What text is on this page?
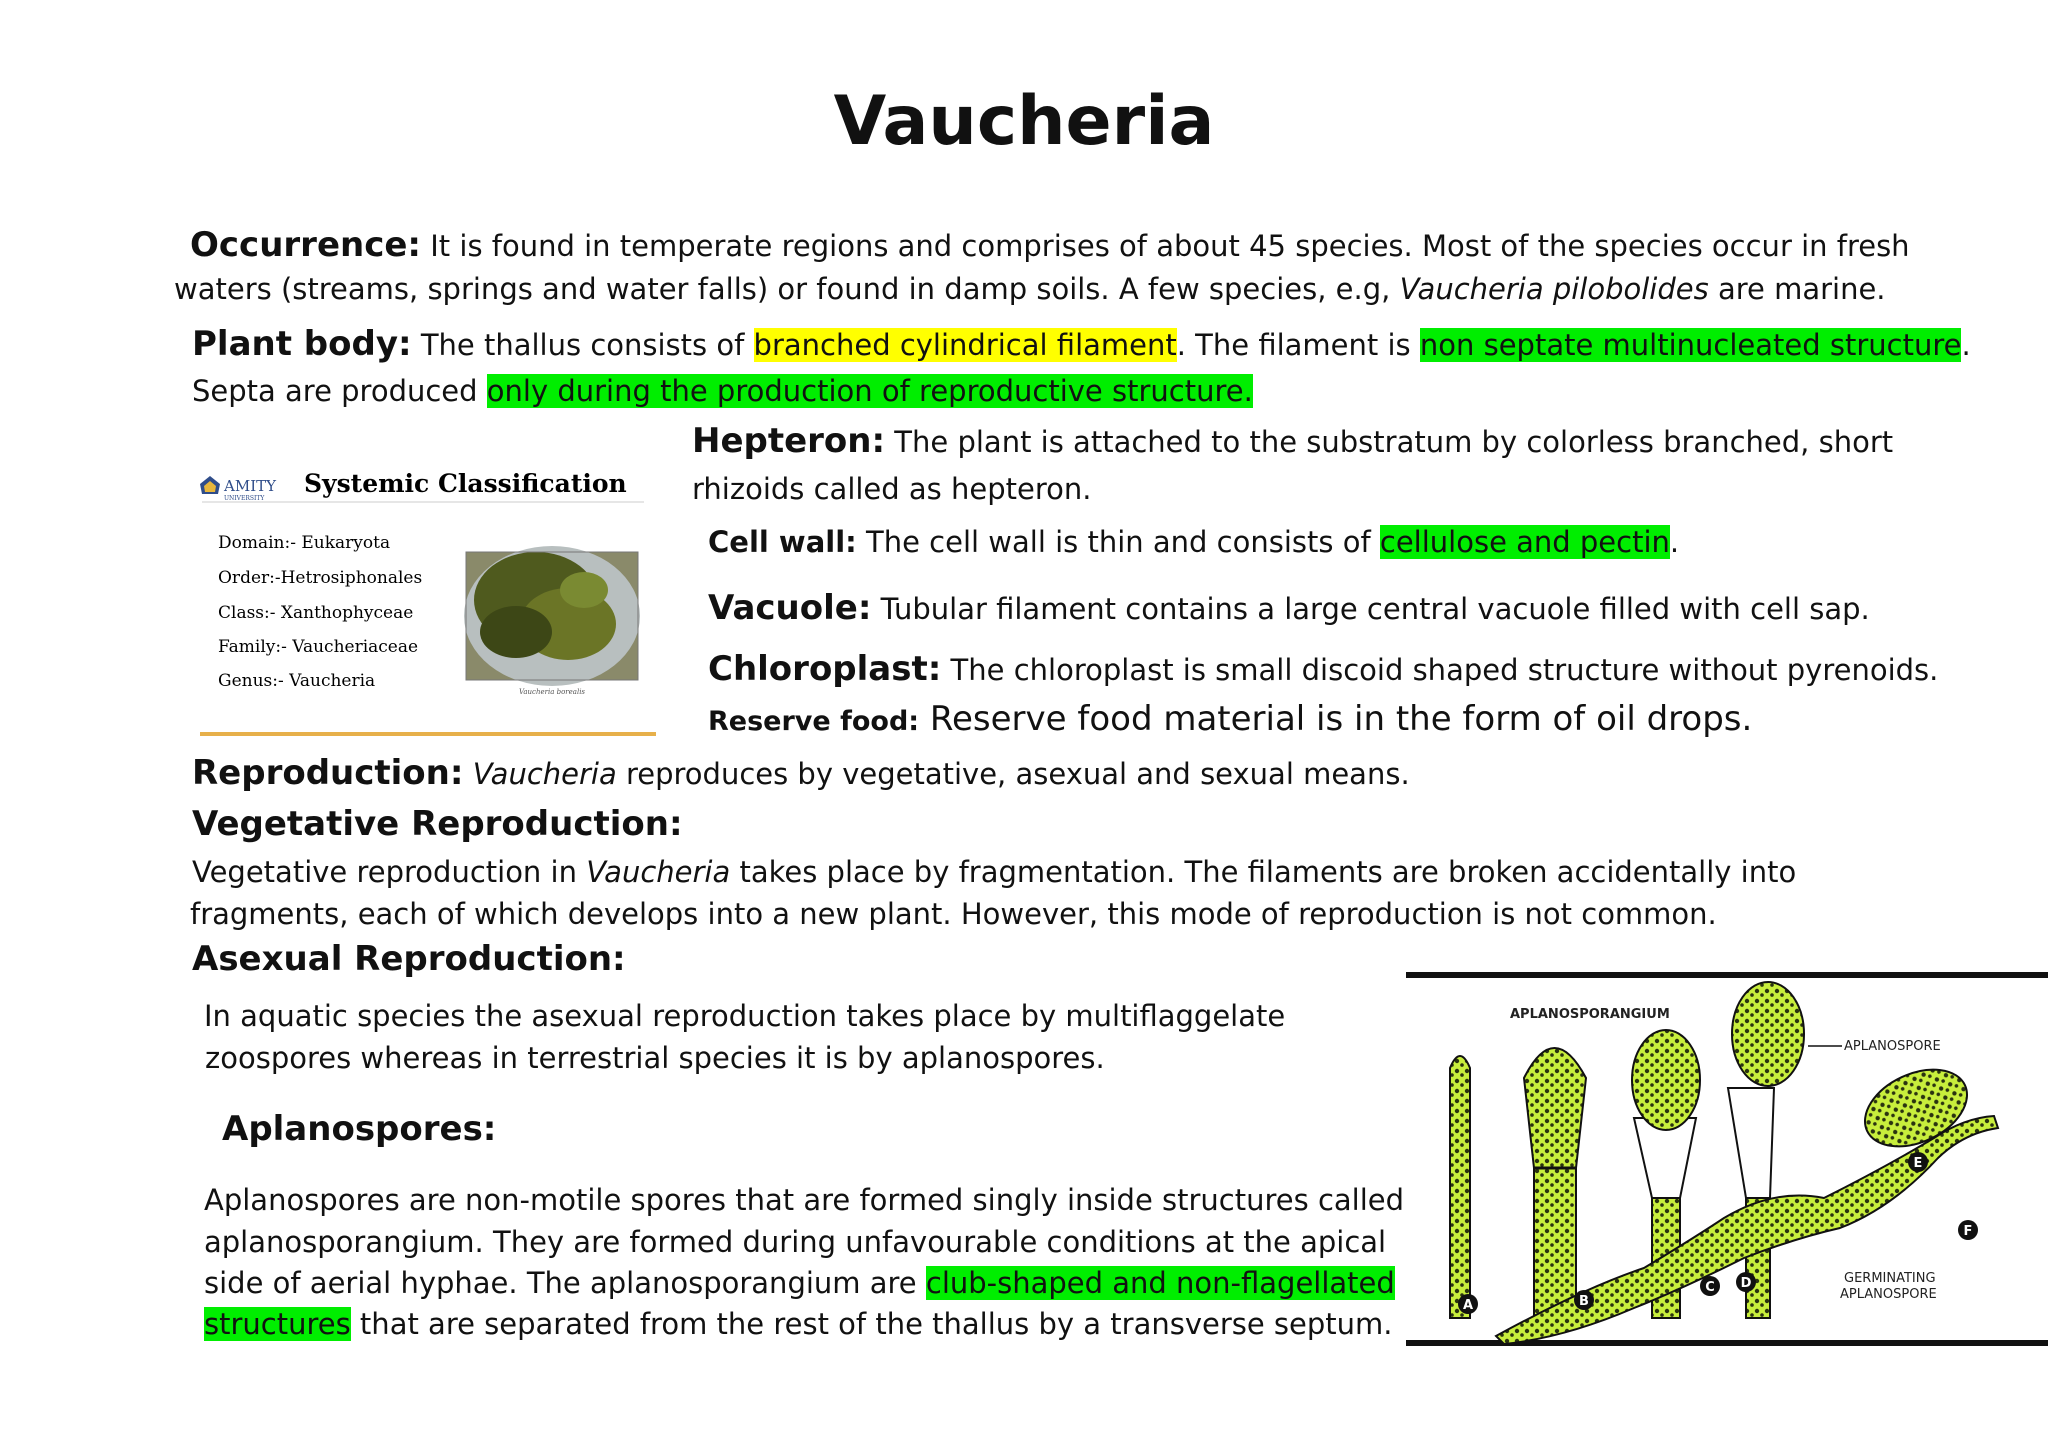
Vaucheria
Occurrence: It is found in temperate regions and comprises of about 45 species. Most of the species occur in fresh
waters (streams, springs and water falls) or found in damp soils. A few species, e.g, Vaucheria pilobolides are marine.
Plant body: The thallus consists of branched cylindrical filament. The filament is non septate multinucleated structure.
Septa are produced only during the production of reproductive structure.
Hepteron: The plant is attached to the substratum by colorless branched, short
rhizoids called as hepteron.
AMITY
UNIVERSITY
Systemic Classification
Domain:- Eukaryota
Order:-Hetrosiphonales
Class:- Xanthophyceae
Family:- Vaucheriaceae
Genus:- Vaucheria
Vaucheria borealis
Cell wall: The cell wall is thin and consists of cellulose and pectin.
Vacuole: Tubular filament contains a large central vacuole filled with cell sap.
Chloroplast: The chloroplast is small discoid shaped structure without pyrenoids.
Reserve food: Reserve food material is in the form of oil drops.
Reproduction: Vaucheria reproduces by vegetative, asexual and sexual means.
Vegetative Reproduction:
Vegetative reproduction in Vaucheria takes place by fragmentation. The filaments are broken accidentally into
fragments, each of which develops into a new plant. However, this mode of reproduction is not common.
Asexual Reproduction:
In aquatic species the asexual reproduction takes place by multiflaggelate
zoospores whereas in terrestrial species it is by aplanospores.
Aplanospores:
Aplanospores are non-motile spores that are formed singly inside structures called
aplanosporangium. They are formed during unfavourable conditions at the apical
side of aerial hyphae. The aplanosporangium are club-shaped and non-flagellated
structures that are separated from the rest of the thallus by a transverse septum.
APLANOSPORANGIUM
APLANOSPORE
GERMINATING
APLANOSPORE
A	B
C D
E
F
